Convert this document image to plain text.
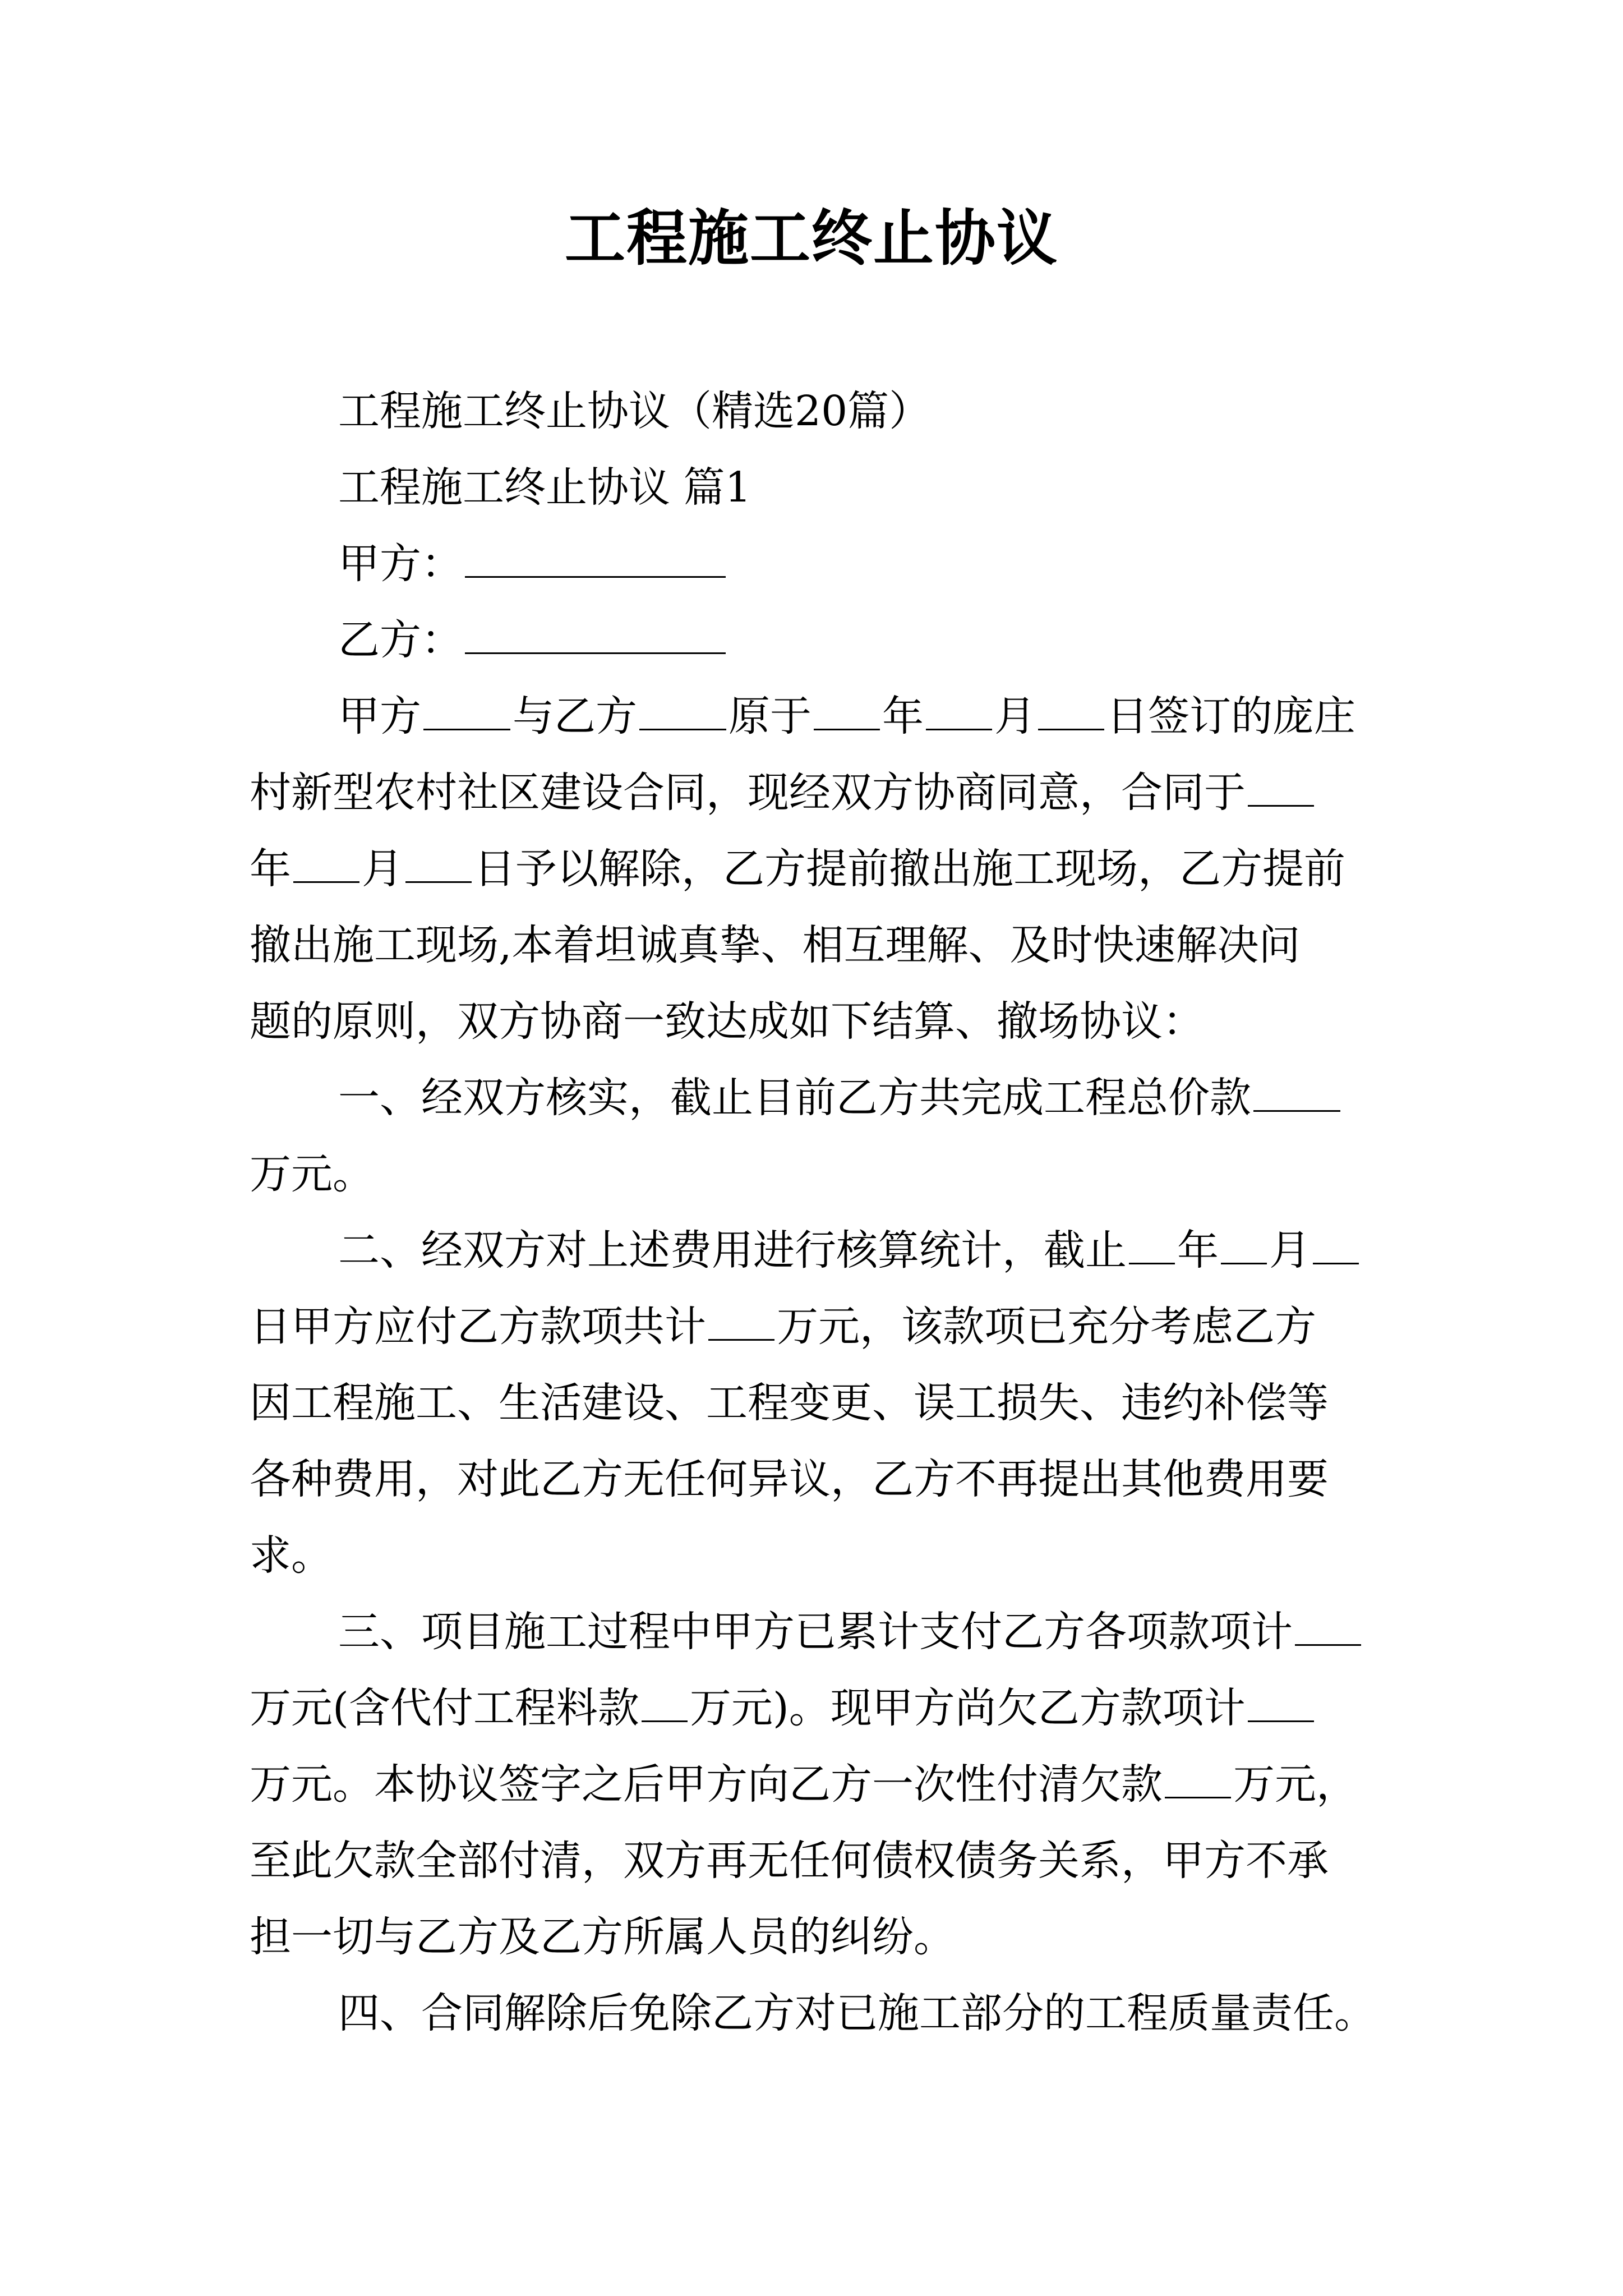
工程施工终止协议
工程施工终止协议（精选20篇）
工程施工终止协议 篇1
甲方：
乙方：
甲方 与乙方 原于 年 月 日签订的庞庄
村新型农村社区建设合同，现经双方协商同意，合同于
年 月 日予以解除，乙方提前撤出施工现场，乙方提前
撤出施工现场,本着坦诚真挚、相互理解、及时快速解决问
题的原则，双方协商一致达成如下结算、撤场协议：
一、经双方核实，截止目前乙方共完成工程总价款
万元。
二、经双方对上述费用进行核算统计，截止 年 月
日甲方应付乙方款项共计 万元，该款项已充分考虑乙方
因工程施工、生活建设、工程变更、误工损失、违约补偿等
各种费用，对此乙方无任何异议，乙方不再提出其他费用要
求。
三、项目施工过程中甲方已累计支付乙方各项款项计
万元(含代付工程料款 万元)。现甲方尚欠乙方款项计
万元。本协议签字之后甲方向乙方一次性付清欠款 万元，
至此欠款全部付清，双方再无任何债权债务关系，甲方不承
担一切与乙方及乙方所属人员的纠纷。
四、合同解除后免除乙方对已施工部分的工程质量责任。
